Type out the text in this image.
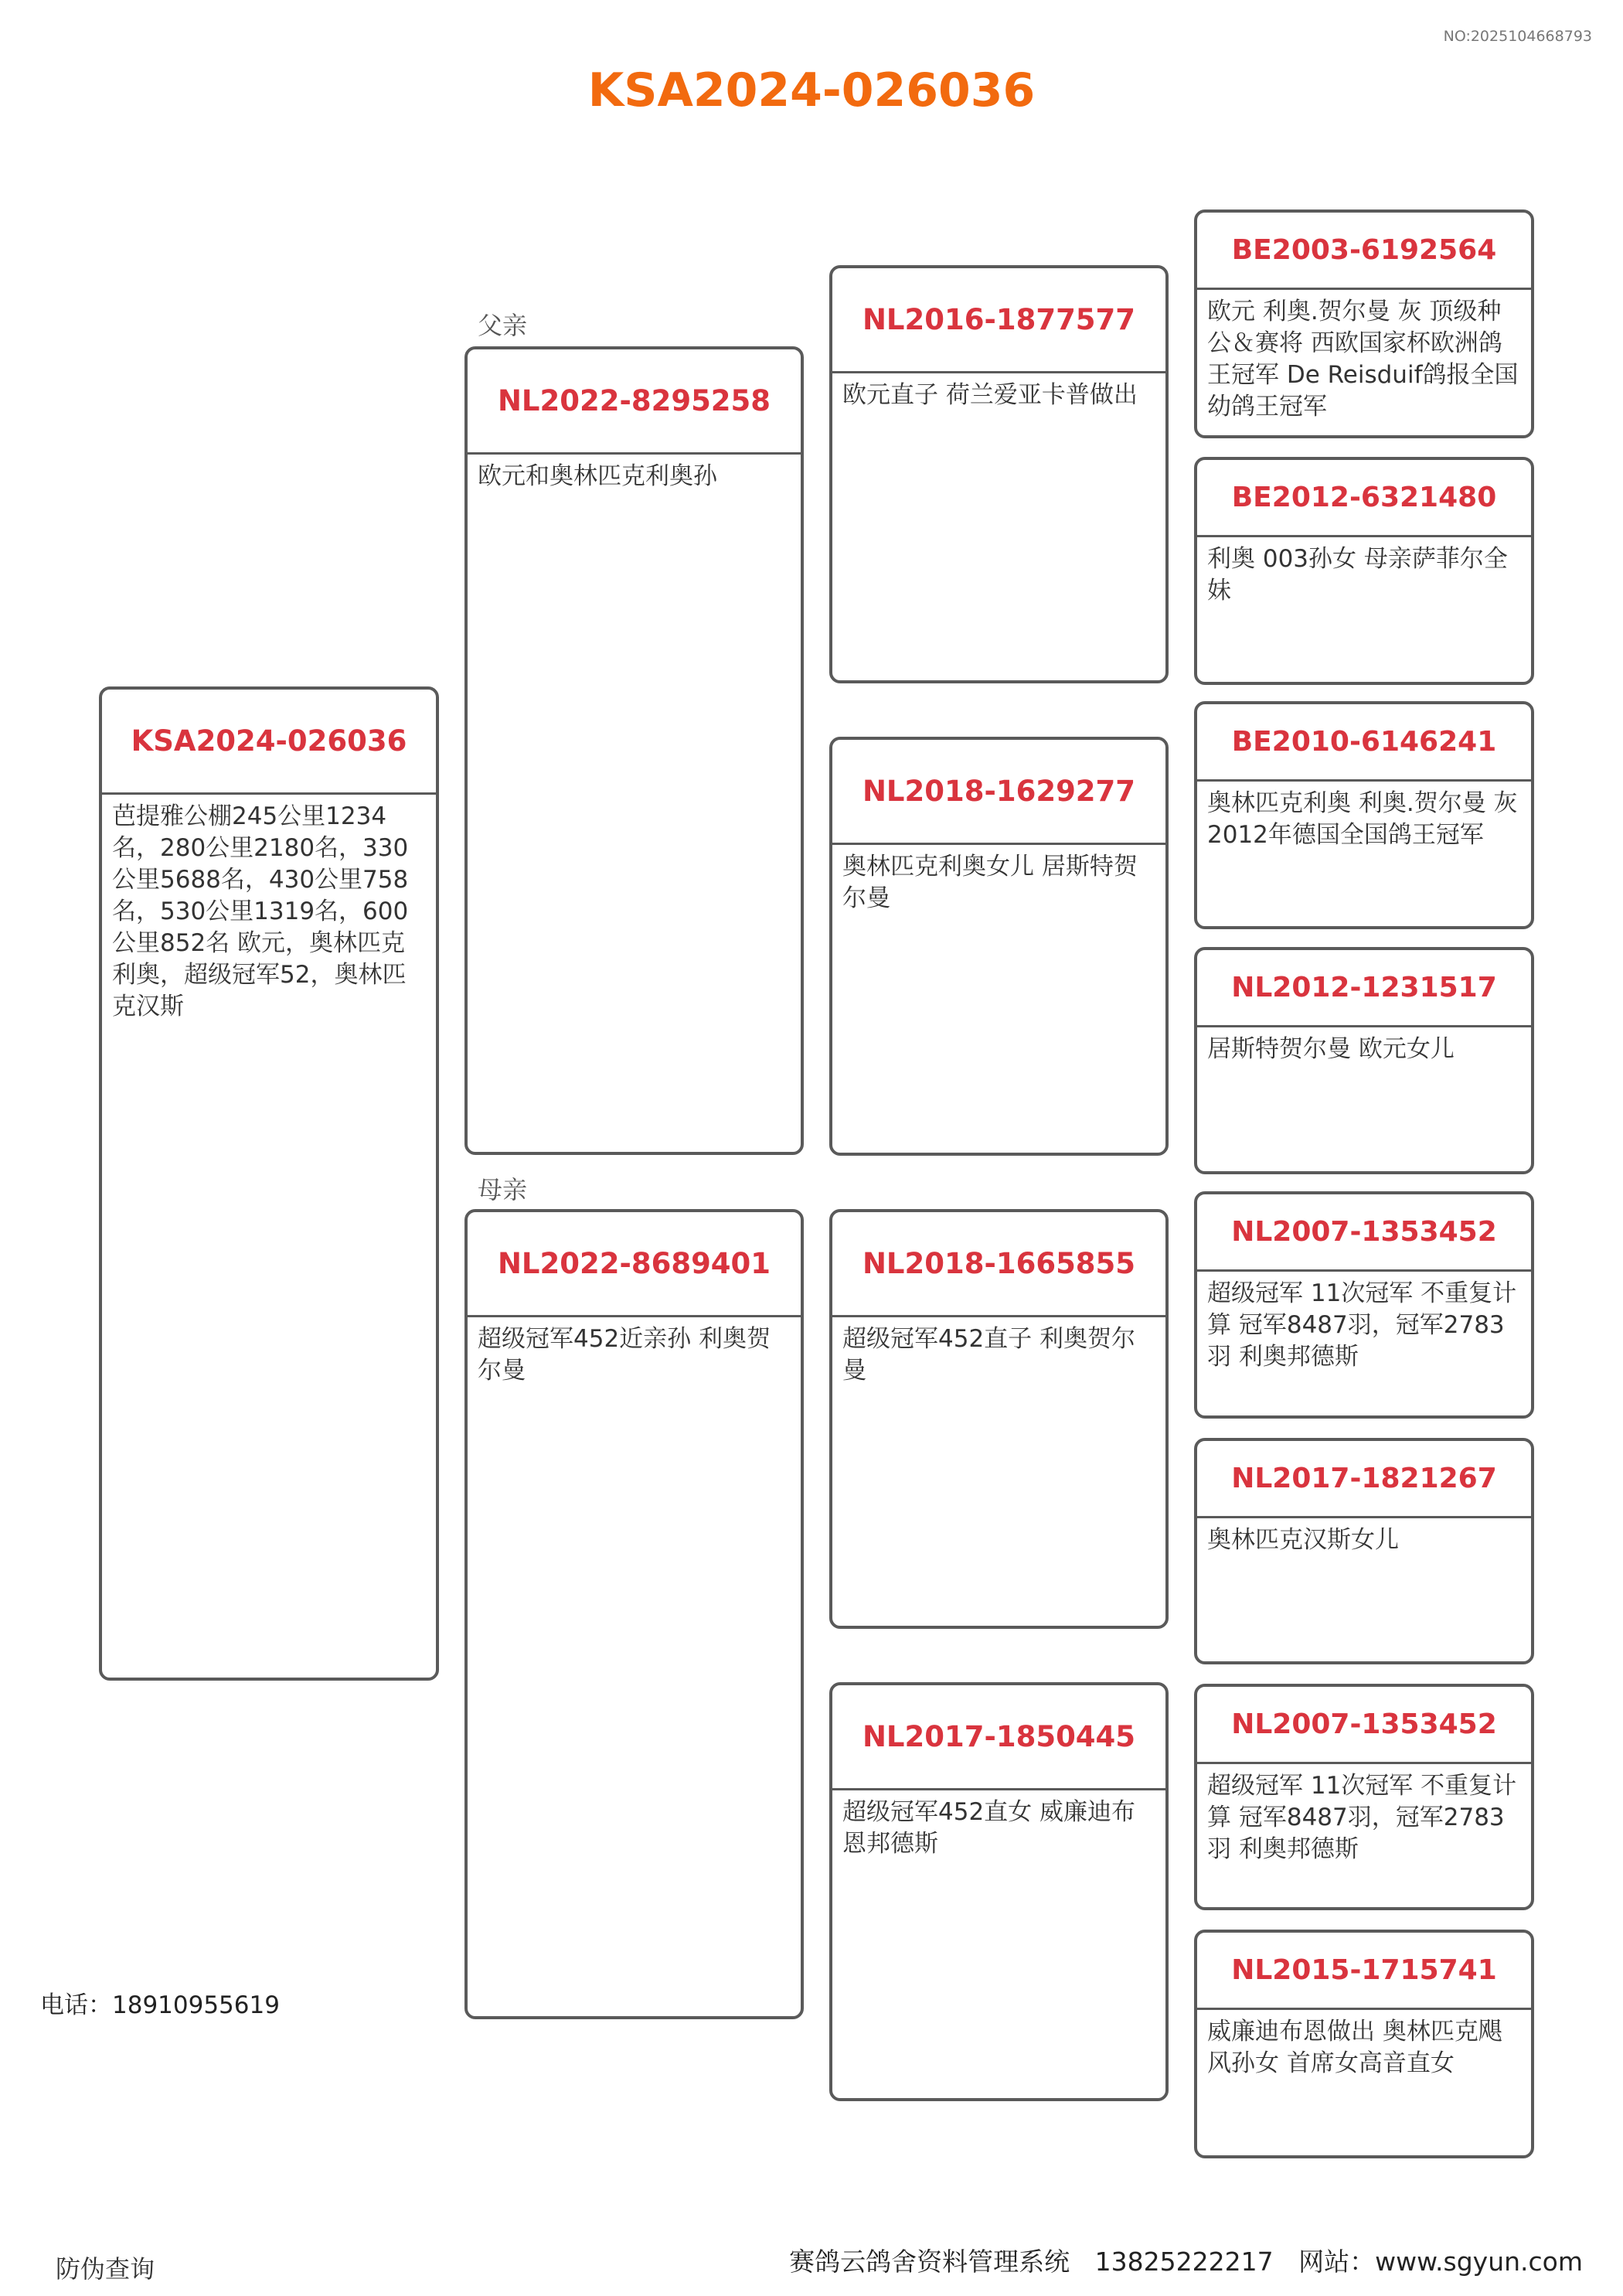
NO:2025104668793
KSA2024-026036
父亲
母亲
KSA2024-026036
芭提雅公棚245公里1234名，280公里2180名，330公里5688名，430公里758名，530公里1319名，600公里852名 欧元，奥林匹克利奥，超级冠军52，奥林匹克汉斯
NL2022-8295258
欧元和奥林匹克利奥孙
NL2022-8689401
超级冠军452近亲孙 利奥贺尔曼
NL2016-1877577
欧元直子 荷兰爱亚卡普做出
NL2018-1629277
奥林匹克利奥女儿 居斯特贺尔曼
NL2018-1665855
超级冠军452直子 利奥贺尔曼
NL2017-1850445
超级冠军452直女 威廉迪布恩邦德斯
BE2003-6192564
欧元 利奥.贺尔曼 灰 顶级种公＆赛将 西欧国家杯欧洲鸽王冠军 De Reisduif鸽报全国幼鸽王冠军
BE2012-6321480
利奥 003孙女 母亲萨菲尔全妹
BE2010-6146241
奥林匹克利奥 利奥.贺尔曼 灰 2012年德国全国鸽王冠军
NL2012-1231517
居斯特贺尔曼 欧元女儿
NL2007-1353452
超级冠军 11次冠军 不重复计算 冠军8487羽，冠军2783羽 利奥邦德斯
NL2017-1821267
奥林匹克汉斯女儿
NL2007-1353452
超级冠军 11次冠军 不重复计算 冠军8487羽，冠军2783羽 利奥邦德斯
NL2015-1715741
威廉迪布恩做出 奥林匹克飓风孙女 首席女高音直女
电话：18910955619
防伪查询	赛鸽云鸽舍资料管理系统 13825222217 网站：www.sgyun.com
